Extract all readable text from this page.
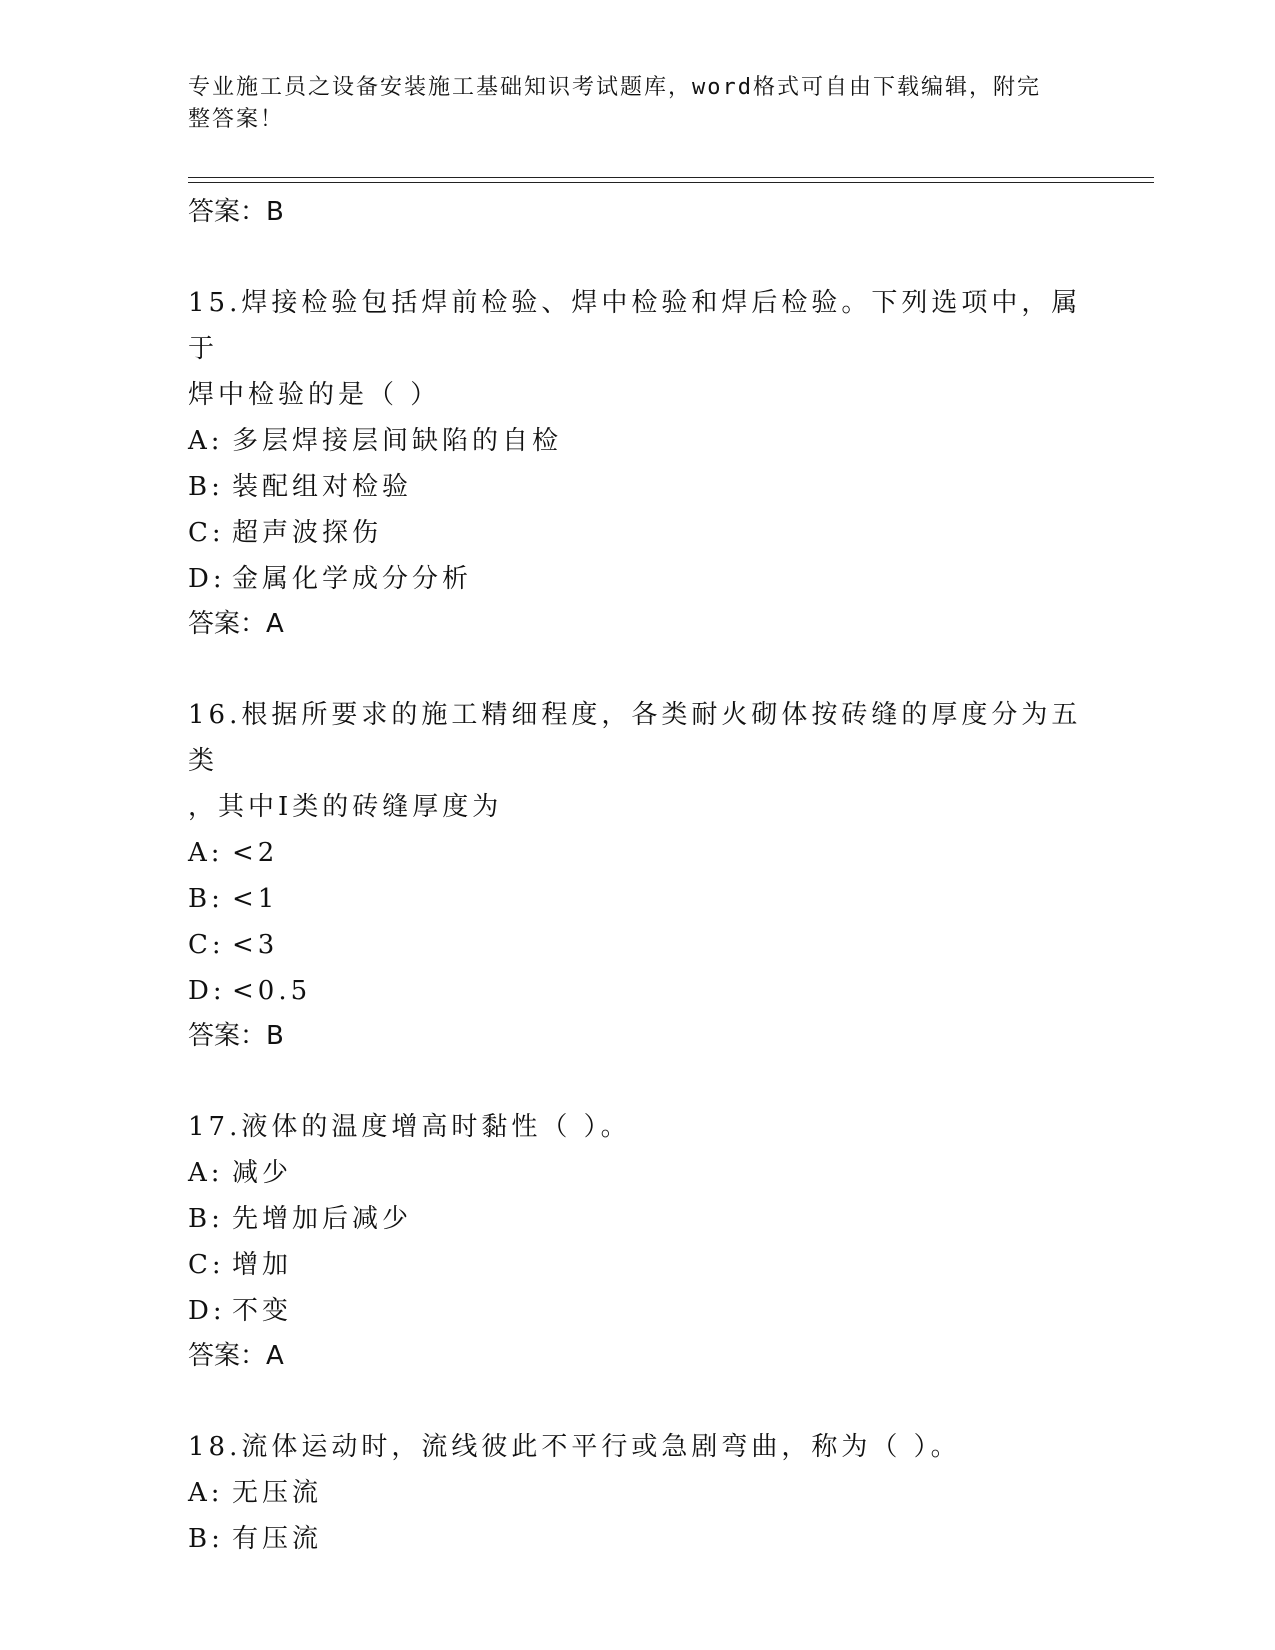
专业施工员之设备安装施工基础知识考试题库，word格式可自由下载编辑，附完
整答案！
答案：B
15.焊接检验包括焊前检验、焊中检验和焊后检验。下列选项中，属于
焊中检验的是（ ）
A: 多层焊接层间缺陷的自检
B: 装配组对检验
C: 超声波探伤
D: 金属化学成分分析
答案：A
16.根据所要求的施工精细程度，各类耐火砌体按砖缝的厚度分为五类
，其中Ⅰ类的砖缝厚度为
A: <2
B: <1
C: <3
D: <0.5
答案：B
17.液体的温度增高时黏性（ ）。
A: 减少
B: 先增加后减少
C: 增加
D: 不变
答案：A
18.流体运动时，流线彼此不平行或急剧弯曲，称为（ ）。
A: 无压流
B: 有压流
